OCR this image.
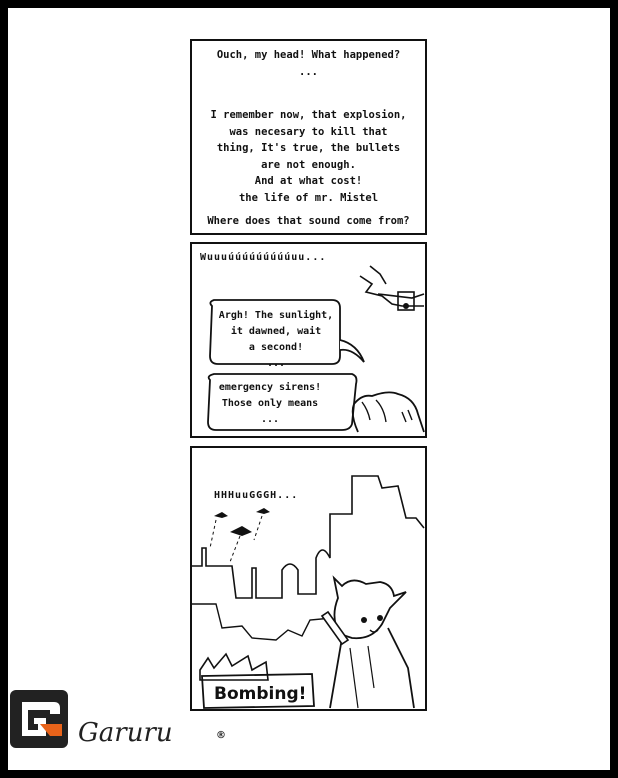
Ouch, my head! What happened?
...
I remember now, that explosion,
was necesary to kill that
thing, It's true, the bullets
are not enough.
And at what cost!
the life of mr. Mistel
Where does that sound come from?
Wuuuúúúúúúúúúuu...
Argh! The sunlight,
it dawned, wait
a second!
...
emergency sirens!
Those only means
...
HHHuuGGGH...
Bombing!
Garuru	®
